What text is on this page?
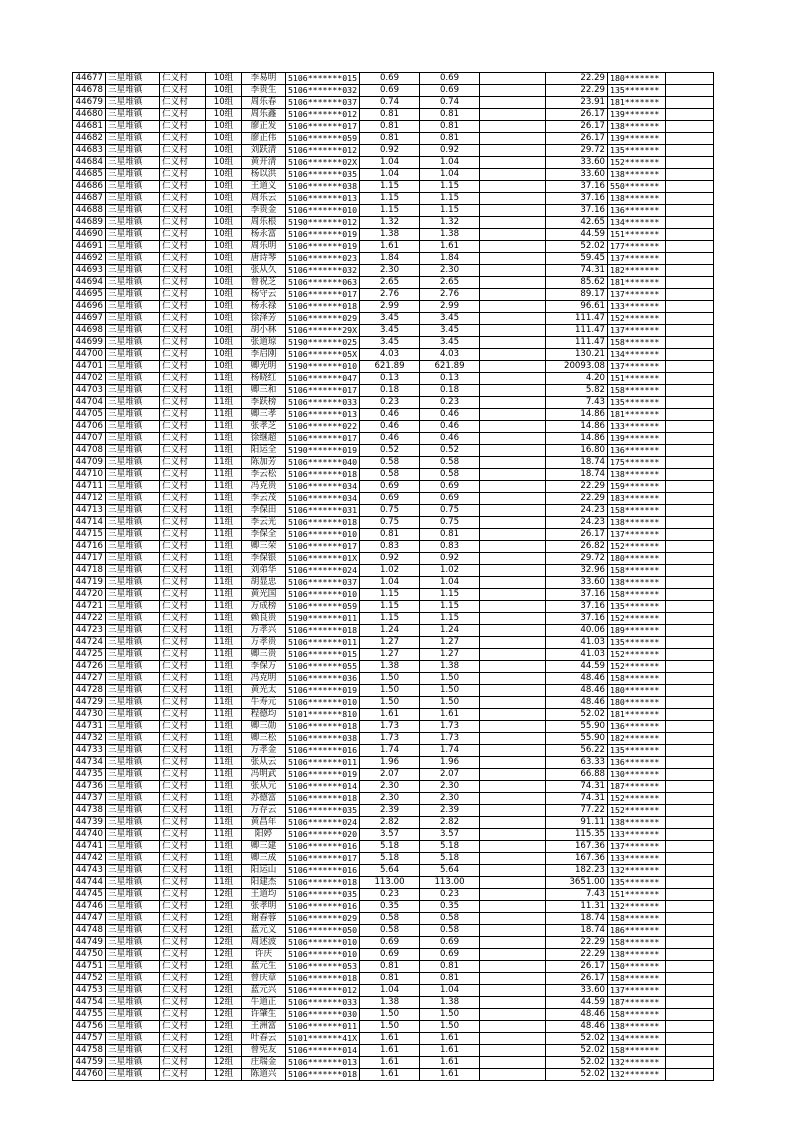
44677	三星堆镇	仁义村	10组	李易明	5106*******015	0.69	0.69		22.29	180*******	
44678	三星堆镇	仁义村	10组	李贵生	5106*******032	0.69	0.69		22.29	135*******	
44679	三星堆镇	仁义村	10组	周乐春	5106*******037	0.74	0.74		23.91	181*******	
44680	三星堆镇	仁义村	10组	周乐鑫	5106*******012	0.81	0.81		26.17	139*******	
44681	三星堆镇	仁义村	10组	廖正发	5106*******017	0.81	0.81		26.17	138*******	
44682	三星堆镇	仁义村	10组	廖正伟	5106*******059	0.81	0.81		26.17	139*******	
44683	三星堆镇	仁义村	10组	刘跃清	5106*******012	0.92	0.92		29.72	135*******	
44684	三星堆镇	仁义村	10组	黄开清	5106*******02X	1.04	1.04		33.60	152*******	
44685	三星堆镇	仁义村	10组	杨以洪	5106*******035	1.04	1.04		33.60	138*******	
44686	三星堆镇	仁义村	10组	王道义	5106*******038	1.15	1.15		37.16	550*******	
44687	三星堆镇	仁义村	10组	周乐云	5106*******013	1.15	1.15		37.16	138*******	
44688	三星堆镇	仁义村	10组	李贵金	5106*******010	1.15	1.15		37.16	136*******	
44689	三星堆镇	仁义村	10组	周乐根	5190*******012	1.32	1.32		42.65	134*******	
44690	三星堆镇	仁义村	10组	杨永富	5106*******019	1.38	1.38		44.59	151*******	
44691	三星堆镇	仁义村	10组	周乐明	5106*******019	1.61	1.61		52.02	177*******	
44692	三星堆镇	仁义村	10组	唐诗琴	5106*******023	1.84	1.84		59.45	137*******	
44693	三星堆镇	仁义村	10组	张从久	5106*******032	2.30	2.30		74.31	182*******	
44694	三星堆镇	仁义村	10组	曾祝芝	5106*******063	2.65	2.65		85.62	181*******	
44695	三星堆镇	仁义村	10组	杨守云	5106*******017	2.76	2.76		89.17	137*******	
44696	三星堆镇	仁义村	10组	杨永禄	5106*******018	2.99	2.99		96.61	133*******	
44697	三星堆镇	仁义村	10组	徐泽芳	5106*******029	3.45	3.45		111.47	152*******	
44698	三星堆镇	仁义村	10组	胡小林	5106*******29X	3.45	3.45		111.47	137*******	
44699	三星堆镇	仁义村	10组	张道琼	5190*******025	3.45	3.45		111.47	158*******	
44700	三星堆镇	仁义村	10组	李启刚	5106*******05X	4.03	4.03		130.21	134*******	
44701	三星堆镇	仁义村	10组	卿光明	5190*******010	621.89	621.89		20093.08	137*******	
44702	三星堆镇	仁义村	11组	杨晓红	5106*******047	0.13	0.13		4.20	151*******	
44703	三星堆镇	仁义村	11组	卿三和	5106*******017	0.18	0.18		5.82	158*******	
44704	三星堆镇	仁义村	11组	李跃榜	5106*******033	0.23	0.23		7.43	135*******	
44705	三星堆镇	仁义村	11组	卿三孝	5106*******013	0.46	0.46		14.86	181*******	
44706	三星堆镇	仁义村	11组	张孝芝	5106*******022	0.46	0.46		14.86	133*******	
44707	三星堆镇	仁义村	11组	徐继超	5106*******017	0.46	0.46		14.86	139*******	
44708	三星堆镇	仁义村	11组	阳运全	5190*******019	0.52	0.52		16.80	136*******	
44709	三星堆镇	仁义村	11组	陈加芳	5106*******040	0.58	0.58		18.74	175*******	
44710	三星堆镇	仁义村	11组	李云松	5106*******018	0.58	0.58		18.74	138*******	
44711	三星堆镇	仁义村	11组	冯克贵	5106*******034	0.69	0.69		22.29	159*******	
44712	三星堆镇	仁义村	11组	李云茂	5106*******034	0.69	0.69		22.29	183*******	
44713	三星堆镇	仁义村	11组	李保田	5106*******031	0.75	0.75		24.23	158*******	
44714	三星堆镇	仁义村	11组	李云光	5106*******018	0.75	0.75		24.23	138*******	
44715	三星堆镇	仁义村	11组	李保全	5106*******010	0.81	0.81		26.17	137*******	
44716	三星堆镇	仁义村	11组	卿三荣	5106*******017	0.83	0.83		26.82	152*******	
44717	三星堆镇	仁义村	11组	李保银	5106*******01X	0.92	0.92		29.72	180*******	
44718	三星堆镇	仁义村	11组	刘弟华	5106*******024	1.02	1.02		32.96	158*******	
44719	三星堆镇	仁义村	11组	胡显忠	5106*******037	1.04	1.04		33.60	138*******	
44720	三星堆镇	仁义村	11组	黄光国	5106*******010	1.15	1.15		37.16	158*******	
44721	三星堆镇	仁义村	11组	万成榜	5106*******059	1.15	1.15		37.16	135*******	
44722	三星堆镇	仁义村	11组	赖良贵	5190*******011	1.15	1.15		37.16	152*******	
44723	三星堆镇	仁义村	11组	万孝兴	5106*******018	1.24	1.24		40.06	189*******	
44724	三星堆镇	仁义村	11组	万孝贵	5106*******011	1.27	1.27		41.03	135*******	
44725	三星堆镇	仁义村	11组	卿三贵	5106*******015	1.27	1.27		41.03	152*******	
44726	三星堆镇	仁义村	11组	李保万	5106*******055	1.38	1.38		44.59	152*******	
44727	三星堆镇	仁义村	11组	冯克明	5106*******036	1.50	1.50		48.46	158*******	
44728	三星堆镇	仁义村	11组	黄光太	5106*******019	1.50	1.50		48.46	180*******	
44729	三星堆镇	仁义村	11组	牛寿元	5106*******010	1.50	1.50		48.46	180*******	
44730	三星堆镇	仁义村	11组	程德均	5101*******810	1.61	1.61		52.02	181*******	
44731	三星堆镇	仁义村	11组	卿三勋	5106*******018	1.73	1.73		55.90	136*******	
44732	三星堆镇	仁义村	11组	卿三松	5106*******038	1.73	1.73		55.90	182*******	
44733	三星堆镇	仁义村	11组	万孝金	5106*******016	1.74	1.74		56.22	135*******	
44734	三星堆镇	仁义村	11组	张从云	5106*******011	1.96	1.96		63.33	136*******	
44735	三星堆镇	仁义村	11组	冯明武	5106*******019	2.07	2.07		66.88	130*******	
44736	三星堆镇	仁义村	11组	张从元	5106*******014	2.30	2.30		74.31	187*******	
44737	三星堆镇	仁义村	11组	苏德富	5106*******018	2.30	2.30		74.31	152*******	
44738	三星堆镇	仁义村	11组	万存云	5106*******035	2.39	2.39		77.22	152*******	
44739	三星堆镇	仁义村	11组	黄昌年	5106*******024	2.82	2.82		91.11	138*******	
44740	三星堆镇	仁义村	11组	阳婷	5106*******020	3.57	3.57		115.35	133*******	
44741	三星堆镇	仁义村	11组	卿三建	5106*******016	5.18	5.18		167.36	137*******	
44742	三星堆镇	仁义村	11组	卿三成	5106*******017	5.18	5.18		167.36	133*******	
44743	三星堆镇	仁义村	11组	阳运山	5106*******016	5.64	5.64		182.23	132*******	
44744	三星堆镇	仁义村	11组	阳建杰	5106*******018	113.00	113.00		3651.00	135*******	
44745	三星堆镇	仁义村	12组	王道均	5106*******035	0.23	0.23		7.43	151*******	
44746	三星堆镇	仁义村	12组	张孝明	5106*******016	0.35	0.35		11.31	132*******	
44747	三星堆镇	仁义村	12组	谢春蓉	5106*******029	0.58	0.58		18.74	158*******	
44748	三星堆镇	仁义村	12组	蓝元义	5106*******050	0.58	0.58		18.74	186*******	
44749	三星堆镇	仁义村	12组	周述波	5106*******010	0.69	0.69		22.29	158*******	
44750	三星堆镇	仁义村	12组	许庆	5106*******010	0.69	0.69		22.29	138*******	
44751	三星堆镇	仁义村	12组	蓝元生	5106*******053	0.81	0.81		26.17	150*******	
44752	三星堆镇	仁义村	12组	曾庆章	5106*******018	0.81	0.81		26.17	158*******	
44753	三星堆镇	仁义村	12组	蓝元兴	5106*******012	1.04	1.04		33.60	137*******	
44754	三星堆镇	仁义村	12组	牛道正	5106*******033	1.38	1.38		44.59	187*******	
44755	三星堆镇	仁义村	12组	许肇生	5106*******030	1.50	1.50		48.46	158*******	
44756	三星堆镇	仁义村	12组	王洲富	5106*******011	1.50	1.50		48.46	138*******	
44757	三星堆镇	仁义村	12组	叶春云	5101*******41X	1.61	1.61		52.02	134*******	
44758	三星堆镇	仁义村	12组	曾宪友	5106*******014	1.61	1.61		52.02	158*******	
44759	三星堆镇	仁义村	12组	庄瑞金	5106*******013	1.61	1.61		52.02	132*******	
44760	三星堆镇	仁义村	12组	陈道兴	5106*******018	1.61	1.61		52.02	132*******	
